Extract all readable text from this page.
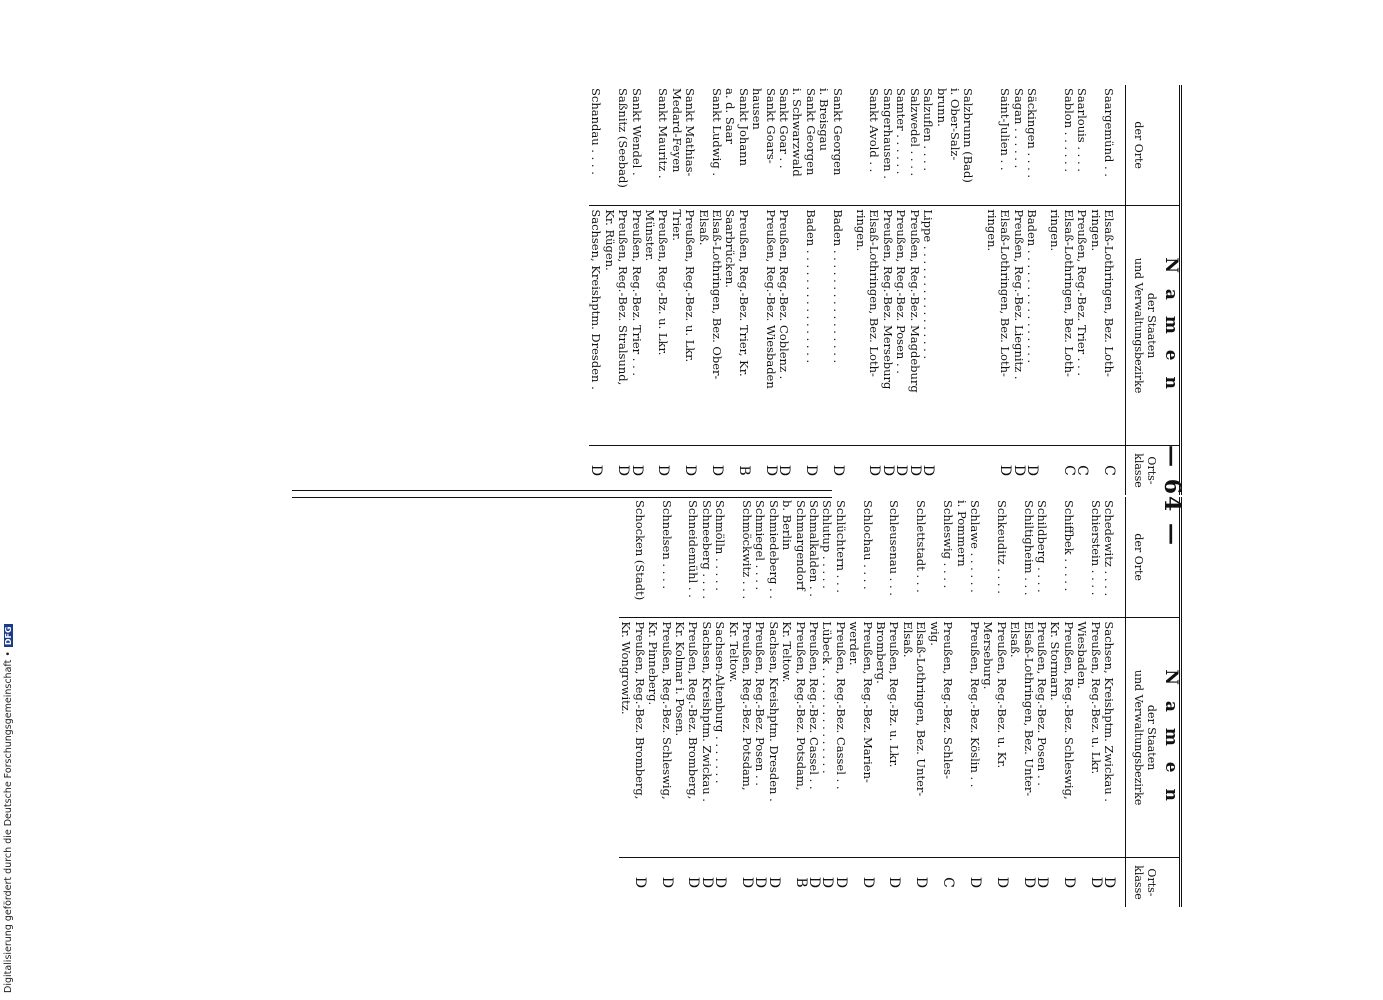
— 64 —
der Orte	N a m e n
der Staaten
und Verwaltungsbezirke	Orts-
klasse

Saargemünd . .	Elsaß-Lothringen, Bez. Loth-
ringen.	C
Saarlouis . . . .	Preußen, Reg.-Bez. Trier . . .	C
Sablon . . . . . .	Elsaß-Lothringen, Bez. Loth-
ringen.	C

Säckingen . . . .	Baden . . . . . . . . . . . . . . . .	D
Sagan . . . . . .	Preußen, Reg.-Bez. Liegnitz .	D
Saint-Julien . .	Elsaß-Lothringen, Bez. Loth-
ringen.	D

Salzbrunn (Bad)
i. Ober-Salz-
brunn.		
Salzuflen . . . .	Lippe . . . . . . . . . . . . . . . .	D
Salzwedel . . . .	Preußen, Reg.-Bez. Magdeburg	D
Samter . . . . . .	Preußen, Reg.-Bez. Posen . .	D
Sangerhausen .	Preußen, Reg.-Bez. Merseburg	D
Sankt Avold . .	Elsaß-Lothringen, Bez. Loth-
ringen.	D

Sankt Georgen
i. Breisgau	Baden . . . . . . . . . . . . . . . .	D
Sankt Georgen
i. Schwarzwald	Baden . . . . . . . . . . . . . . . .	D
Sankt Goar . .	Preußen, Reg.-Bez. Coblenz .	D
Sankt Goars-
hausen	Preußen, Reg.-Bez. Wiesbaden	D
Sankt Johann
a. d. Saar	Preußen, Reg.-Bez. Trier, Kr.
Saarbrücken.	B
Sankt Ludwig .	Elsaß-Lothringen, Bez. Ober-
Elsaß.	D
Sankt Mathias-
Medard-Feyen	Preußen, Reg.-Bez. u. Lkr.
Trier.	D
Sankt Mauritz .	Preußen, Reg.-Bz. u. Lkr.
Münster.	D
Sankt Wendel .	Preußen, Reg.-Bez. Trier . . .	D
Saßnitz (Seebad)	Preußen, Reg.-Bez. Stralsund,
Kr. Rügen.	D
Schandau . . . .	Sachsen, Kreishptm. Dresden .	D
der Orte	N a m e n
der Staaten
und Verwaltungsbezirke	Orts-
klasse

Schedewitz . . . .	Sachsen, Kreishptm. Zwickau .	D
Schierstein . . . .	Preußen, Reg.-Bez. u. Lkr.
Wiesbaden.	D
Schiffbek . . . . .	Preußen, Reg.-Bez. Schleswig,
Kr. Stormarn.	D
Schildberg . . . .	Preußen, Reg.-Bez. Posen . .	D
Schiltigheim . . .	Elsaß-Lothringen, Bez. Unter-
Elsaß.	D
Schkeuditz . . . .	Preußen, Reg.-Bez. u. Kr.
Merseburg.	D
Schlawe . . . . . .
i. Pommern	Preußen, Reg.-Bez. Köslin . .	D
Schleswig . . . .	Preußen, Reg.-Bez. Schles-
wig.	C
Schlettstadt . . .	Elsaß-Lothringen, Bez. Unter-
Elsaß.	D
Schleusenau . . .	Preußen, Reg.-Bz. u. Lkr.
Bromberg.	D
Schlochau . . . .	Preußen, Reg.-Bez. Marien-
werder.	D
Schlüchtern . . .	Preußen, Reg.-Bez. Cassel . .	D
Schlutup . . . . .	Lübeck . . . . . . . . . . . . . . .	D
Schmalkalden . .	Preußen, Reg.-Bez. Cassel . .	D
Schmargendorf
b. Berlin	Preußen, Reg.-Bez. Potsdam,
Kr. Teltow.	B
Schmiedeberg . .	Sachsen, Kreishptm. Dresden .	D
Schmiegel . . . .	Preußen, Reg.-Bez. Posen . .	D
Schmöckwitz . . .	Preußen, Reg.-Bez. Potsdam,
Kr. Teltow.	D
Schmölln . . . . .	Sachsen-Altenburg . . . . . . .	D
Schneeberg . . . .	Sachsen, Kreishptm. Zwickau .	D
Schneidemühl . .	Preußen, Reg.-Bez. Bromberg,
Kr. Kolmar i. Posen.	D
Schnelsen . . . .	Preußen, Reg.-Bez. Schleswig,
Kr. Pinneberg.	D
Schocken (Stadt)	Preußen, Reg.-Bez. Bromberg,
Kr. Wongrowitz.	D
Digitalisierung gefördert durch die Deutsche Forschungsgemeinschaft •DFG
